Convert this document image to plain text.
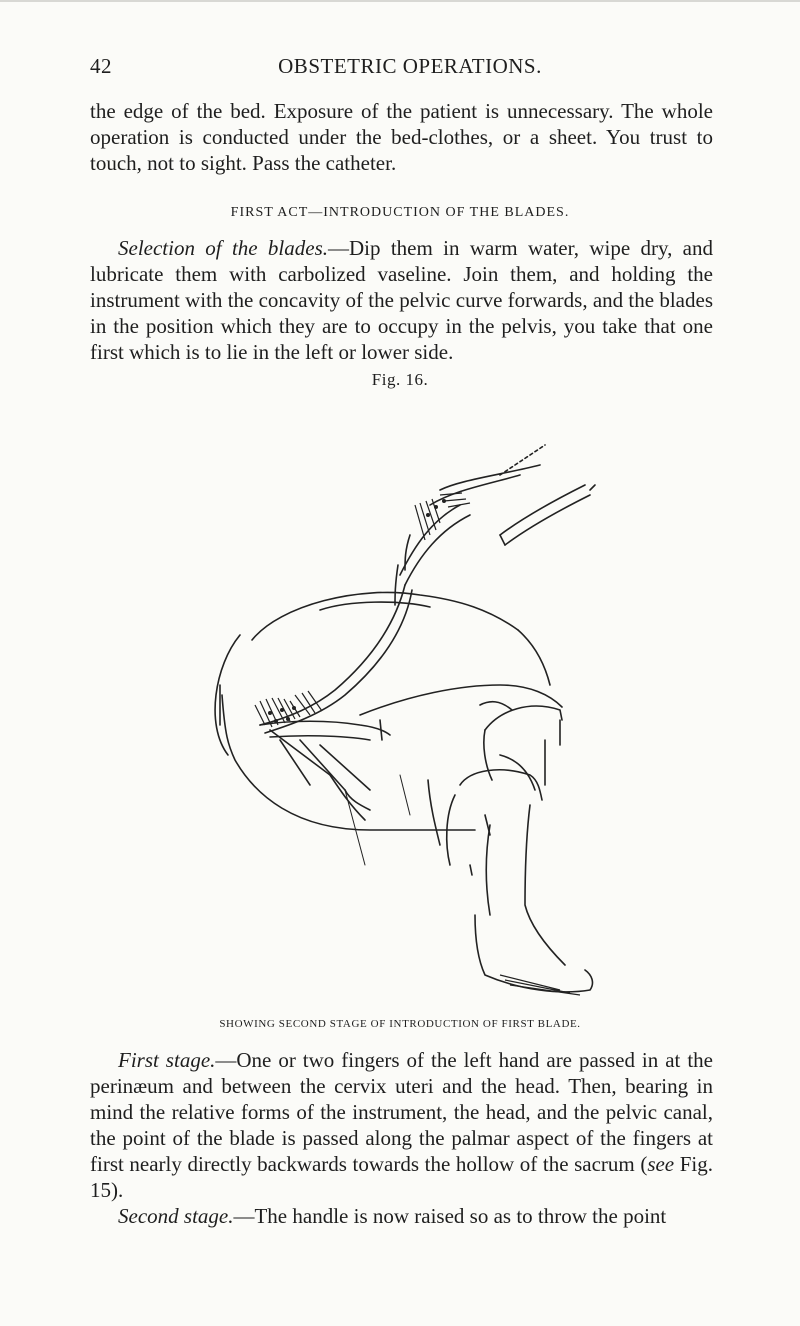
42	OBSTETRIC OPERATIONS.

the edge of the bed. Exposure of the patient is unnecessary. The whole operation is conducted under the bed-clothes, or a sheet. You trust to touch, not to sight. Pass the catheter.

FIRST ACT—INTRODUCTION OF THE BLADES.

Selection of the blades.—Dip them in warm water, wipe dry, and lubricate them with carbolized vaseline. Join them, and holding the instrument with the concavity of the pelvic curve forwards, and the blades in the position which they are to occupy in the pelvis, you take that one first which is to lie in the left or lower side.

Fig. 16.
SHOWING SECOND STAGE OF INTRODUCTION OF FIRST BLADE.

First stage.—One or two fingers of the left hand are passed in at the perinæum and between the cervix uteri and the head. Then, bearing in mind the relative forms of the instrument, the head, and the pelvic canal, the point of the blade is passed along the palmar aspect of the fingers at first nearly directly backwards towards the hollow of the sacrum (see Fig. 15).

Second stage.—The handle is now raised so as to throw the point
